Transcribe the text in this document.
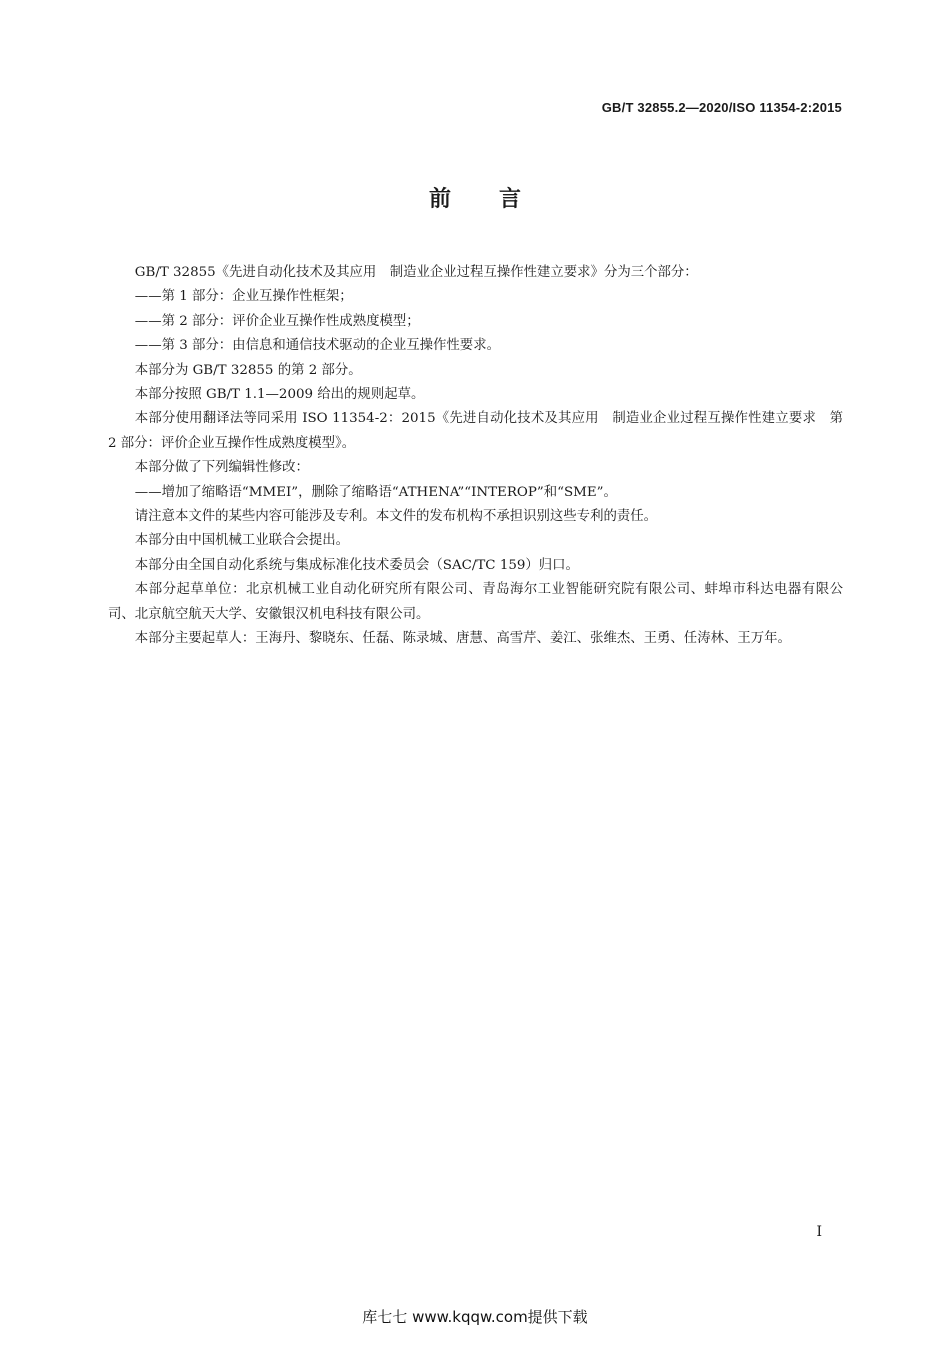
GB/T 32855.2—2020/ISO 11354-2:2015
前言

GB/T 32855《先进自动化技术及其应用　制造业企业过程互操作性建立要求》分为三个部分：

——第 1 部分：企业互操作性框架；

——第 2 部分：评价企业互操作性成熟度模型；

——第 3 部分：由信息和通信技术驱动的企业互操作性要求。

本部分为 GB/T 32855 的第 2 部分。

本部分按照 GB/T 1.1—2009 给出的规则起草。

本部分使用翻译法等同采用 ISO 11354-2：2015《先进自动化技术及其应用　制造业企业过程互操作性建立要求　第 2 部分：评价企业互操作性成熟度模型》。

本部分做了下列编辑性修改：

——增加了缩略语“MMEI”，删除了缩略语“ATHENA”“INTEROP”和“SME”。

请注意本文件的某些内容可能涉及专利。本文件的发布机构不承担识别这些专利的责任。

本部分由中国机械工业联合会提出。

本部分由全国自动化系统与集成标准化技术委员会（SAC/TC 159）归口。

本部分起草单位：北京机械工业自动化研究所有限公司、青岛海尔工业智能研究院有限公司、蚌埠市科达电器有限公司、北京航空航天大学、安徽银汉机电科技有限公司。

本部分主要起草人：王海丹、黎晓东、任磊、陈录城、唐慧、高雪芹、姜江、张维杰、王勇、任涛林、王万年。

I
库七七 www.kqqw.com提供下载
